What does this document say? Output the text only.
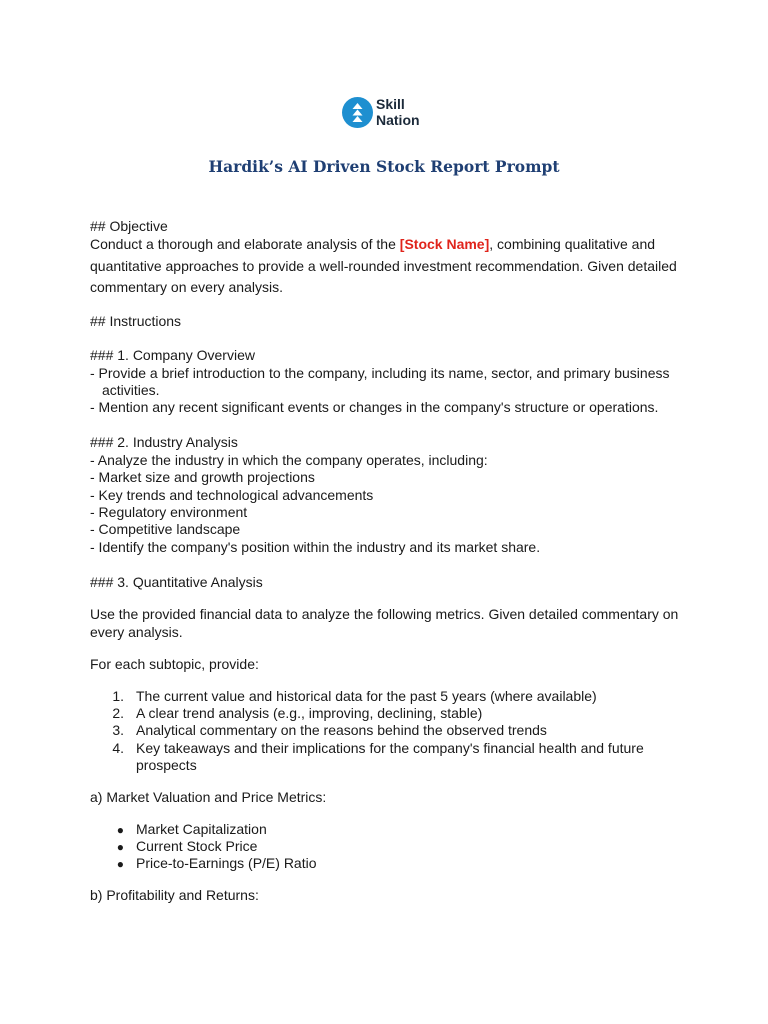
Skill
Nation
Hardik’s AI Driven Stock Report Prompt
## Objective
Conduct a thorough and elaborate analysis of the [Stock Name], combining qualitative and
quantitative approaches to provide a well-rounded investment recommendation. Given detailed
commentary on every analysis.
## Instructions
### 1. Company Overview
- Provide a brief introduction to the company, including its name, sector, and primary business
activities.
- Mention any recent significant events or changes in the company's structure or operations.
### 2. Industry Analysis
- Analyze the industry in which the company operates, including:
- Market size and growth projections
- Key trends and technological advancements
- Regulatory environment
- Competitive landscape
- Identify the company's position within the industry and its market share.
### 3. Quantitative Analysis
Use the provided financial data to analyze the following metrics. Given detailed commentary on
every analysis.
For each subtopic, provide:
1. The current value and historical data for the past 5 years (where available)
2. A clear trend analysis (e.g., improving, declining, stable)
3. Analytical commentary on the reasons behind the observed trends
4. Key takeaways and their implications for the company's financial health and future
prospects
a) Market Valuation and Price Metrics:
● Market Capitalization
● Current Stock Price
● Price-to-Earnings (P/E) Ratio
b) Profitability and Returns:
